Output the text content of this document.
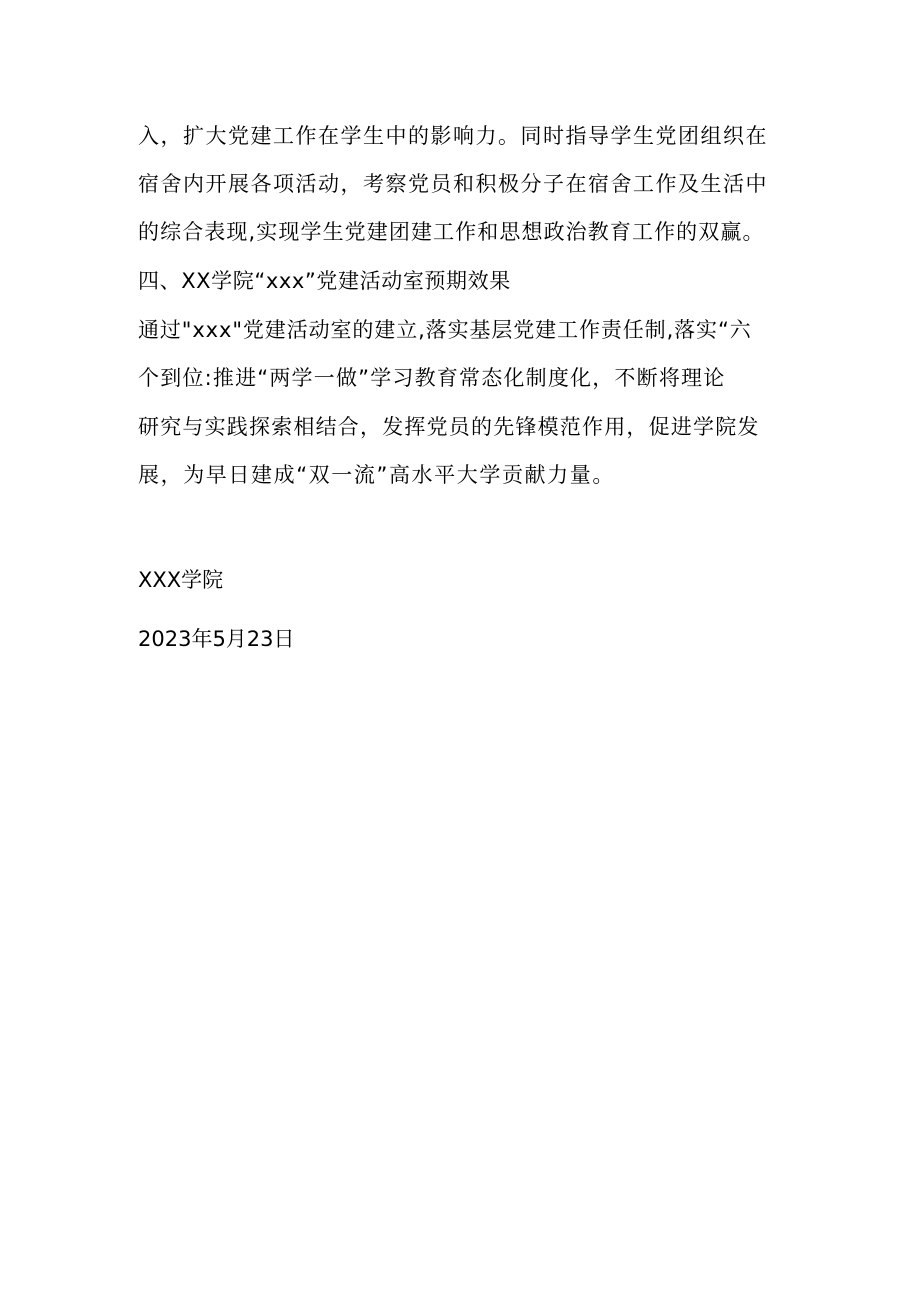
入，扩大党建工作在学生中的影响力。同时指导学生党团组织在
宿舍内开展各项活动，考察党员和积极分子在宿舍工作及生活中
的综合表现,实现学生党建团建工作和思想政治教育工作的双赢。
四、XX学院“xxx”党建活动室预期效果
通过"xxx"党建活动室的建立,落实基层党建工作责任制,落实“六
个到位:推进“两学一做”学习教育常态化制度化，不断将理论
研究与实践探索相结合，发挥党员的先锋模范作用，促进学院发
展，为早日建成“双一流”高水平大学贡献力量。
XXX学院
2023年5月23日
